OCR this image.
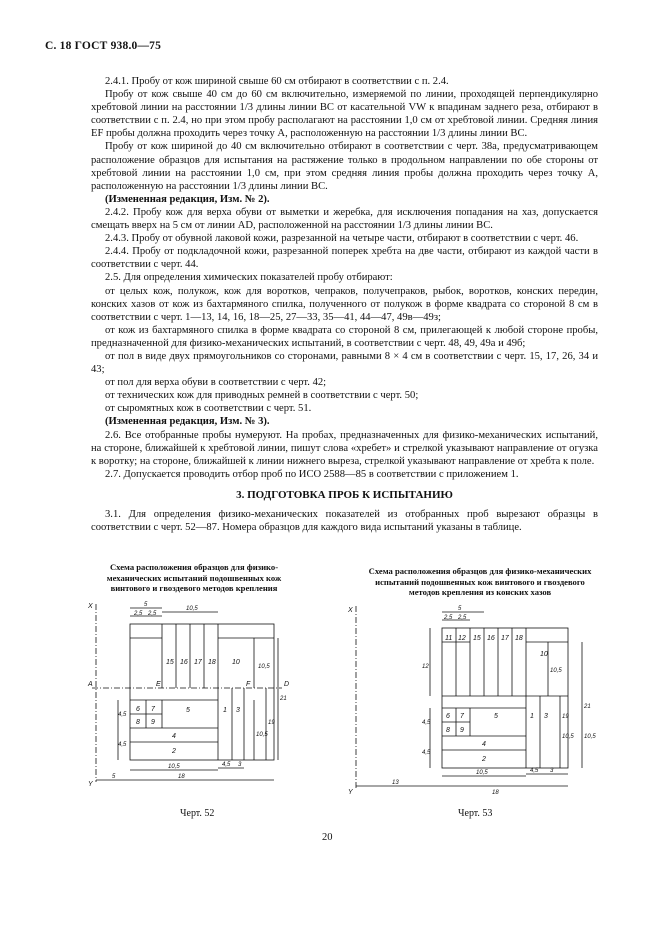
С. 18 ГОСТ 938.0—75

2.4.1. Пробу от кож шириной свыше 60 см отбирают в соответствии с п. 2.4.

Пробу от кож свыше 40 см до 60 см включительно, измеряемой по линии, проходящей перпендикулярно хребтовой линии на расстоянии 1/3 длины линии BC от касательной VW к впадинам заднего реза, отбирают в соответствии с п. 2.4, но при этом пробу располагают на расстоянии 1,0 см от хребтовой линии. Средняя линия EF пробы должна проходить через точку A, расположенную на расстоянии 1/3 длины линии BC.

Пробу от кож шириной до 40 см включительно отбирают в соответствии с черт. 38а, предусматривающем расположение образцов для испытания на растяжение только в продольном направлении по обе стороны от хребтовой линии на расстоянии 1,0 см, при этом средняя линия пробы должна проходить через точку A, расположенную на расстоянии 1/3 длины линии BC.

(Измененная редакция, Изм. № 2).

2.4.2. Пробу кож для верха обуви от выметки и жеребка, для исключения попадания на хаз, допускается смещать вверх на 5 см от линии AD, расположенной на расстоянии 1/3 длины линии BC.

2.4.3. Пробу от обувной лаковой кожи, разрезанной на четыре части, отбирают в соответствии с черт. 46.

2.4.4. Пробу от подкладочной кожи, разрезанной поперек хребта на две части, отбирают из каждой части в соответствии с черт. 44.

2.5. Для определения химических показателей пробу отбирают:

от целых кож, полукож, кож для воротков, чепраков, получепраков, рыбок, воротков, конских передин, конских хазов от кож из бахтармяного спилка, полученного от полукож в форме квадрата со стороной 8 см в соответствии с черт. 1—13, 14, 16, 18—25, 27—33, 35—41, 44—47, 49в—49з;

от кож из бахтармяного спилка в форме квадрата со стороной 8 см, прилегающей к любой стороне пробы, предназначенной для физико-механических испытаний, в соответствии с черт. 48, 49, 49а и 49б;

от пол в виде двух прямоугольников со сторонами, равными 8 × 4 см в соответствии с черт. 15, 17, 26, 34 и 43;

от пол для верха обуви в соответствии с черт. 42;

от технических кож для приводных ремней в соответствии с черт. 50;

от сыромятных кож в соответствии с черт. 51.

(Измененная редакция, Изм. № 3).

2.6. Все отобранные пробы нумеруют. На пробах, предназначенных для физико-механических испытаний, на стороне, ближайшей к хребтовой линии, пишут слова «хребет» и стрелкой указывают направление от огузка к воротку; на стороне, ближайшей к линии нижнего выреза, стрелкой указывают направление от хребта к поле.

2.7. Допускается проводить отбор проб по ИСО 2588—85 в соответствии с приложением 1.

3. ПОДГОТОВКА ПРОБ К ИСПЫТАНИЮ

3.1. Для определения физико-механических показателей из отобранных проб вырезают образцы в соответствии с черт. 52—87. Номера образцов для каждого вида испытаний указаны в таблице.

Схема расположения образцов для физико-механических испытаний подошвенных кож винтового и гвоздевого методов крепления
Схема расположения образцов для физико-механических испытаний подошвенных кож винтового и гвоздевого методов крепления из конских хазов
X
Y
A	E	F	D
15 16 17 18 10
5
6 7
8 9
1 3
4
2
5
2,5 2,5
10,5
4,5
4,5
10,5
18
4,5 3
5
10,5
19
21
10,5
Черт. 52
X
Y
11 12 15 16 17 18
10
6 7	5	1 3
8 9
4
2
5
2,5 2,5
12
10,5
4,5
4,5
13
18
10,5	4,5 3
19
21
10,5 10,5
Черт. 53
20
